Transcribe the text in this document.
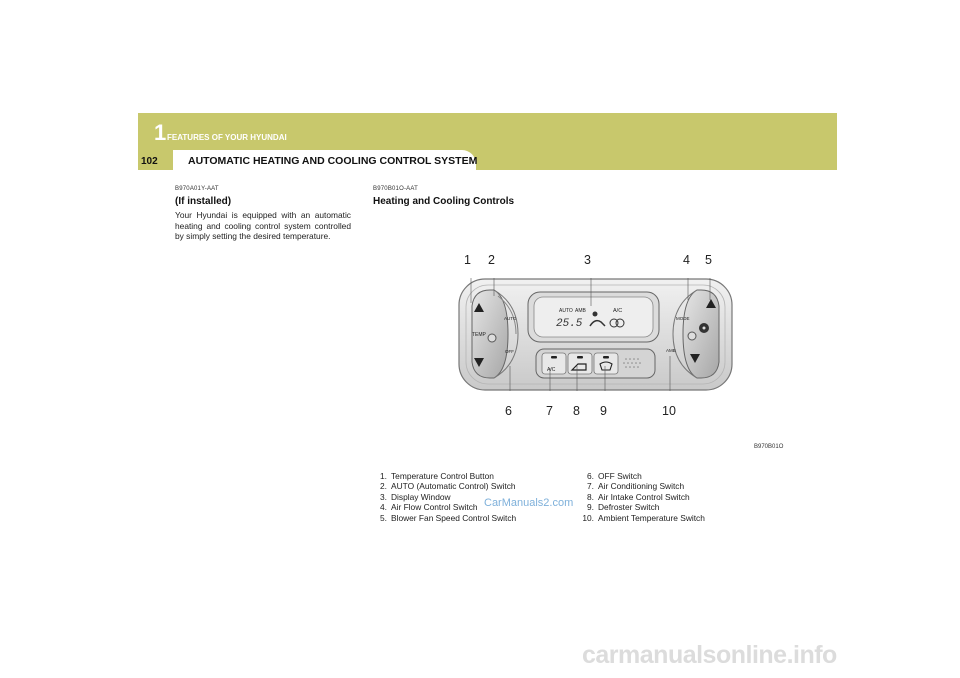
1 FEATURES OF YOUR HYUNDAI
102	AUTOMATIC HEATING AND COOLING CONTROL SYSTEM
B970A01Y-AAT
(If installed)
Your Hyundai is equipped with an automatic heating and cooling control system controlled by simply setting the desired temperature.
B970B01O-AAT
Heating and Cooling Controls
1 2	3	4 5
6	7 8 9	10
TEMP
AUTO
OFF
MODE
AMB
AUTO AMB	A/C
25.5
A/C
B970B01O
1. Temperature Control Button
2. AUTO (Automatic Control) Switch
3. Display Window
4. Air Flow Control Switch
5. Blower Fan Speed Control Switch
6. OFF Switch
7. Air Conditioning Switch
8. Air Intake Control Switch
9. Defroster Switch
10. Ambient Temperature Switch
CarManuals2.com
carmanualsonline.info
